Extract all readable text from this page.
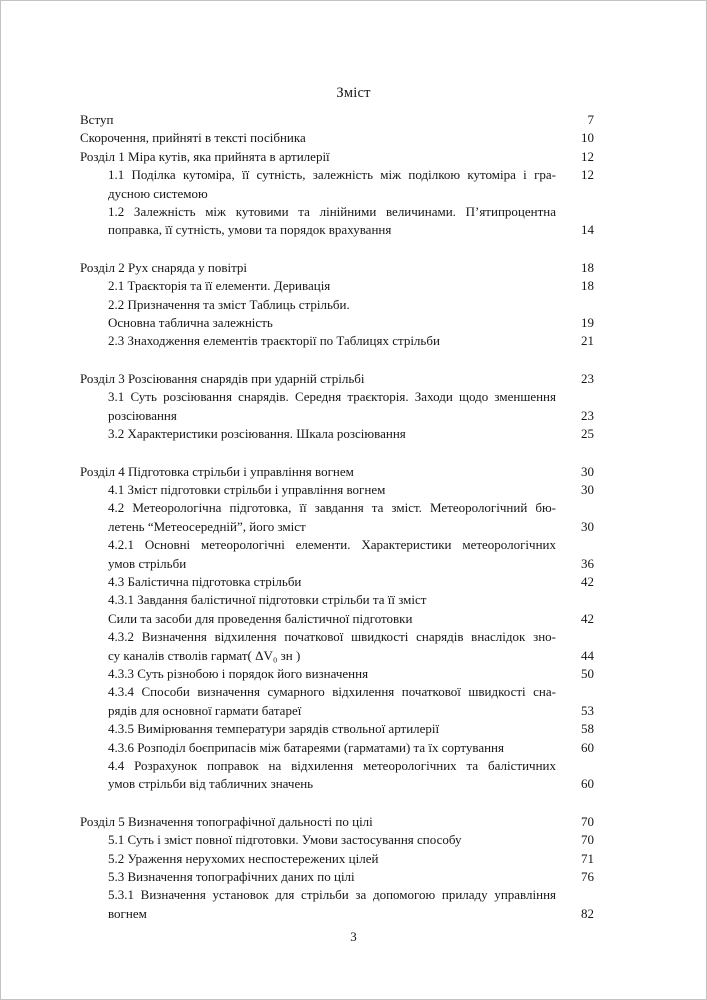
Зміст
Вступ	7
Скорочення, прийняті в тексті посібника	10
Розділ 1 Міра кутів, яка прийнята в артилерії	12
1.1 Поділка кутоміра, її сутність, залежність між поділкою кутоміра і гра-	12
дусною системою
1.2 Залежність між кутовими та лінійними величинами. П’ятипроцентна
поправка, її сутність, умови та порядок врахування	14
Розділ 2 Рух снаряда у повітрі	18
2.1 Траєкторія та її елементи. Деривація	18
2.2 Призначення та зміст Таблиць стрільби.
Основна таблична залежність	19
2.3 Знаходження елементів траєкторії по Таблицях стрільби	21
Розділ 3 Розсіювання снарядів при ударній стрільбі	23
3.1 Суть розсіювання снарядів. Середня траєкторія. Заходи щодо зменшення
розсіювання	23
3.2 Характеристики розсіювання. Шкала розсіювання	25
Розділ 4 Підготовка стрільби і управління вогнем	30
4.1 Зміст підготовки стрільби і управління вогнем	30
4.2 Метеорологічна підготовка, її завдання та зміст. Метеорологічний бю-
летень “Метеосередній”, його зміст	30
4.2.1 Основні метеорологічні елементи. Характеристики метеорологічних
умов стрільби	36
4.3 Балістична підготовка стрільби	42
4.3.1 Завдання балістичної підготовки стрільби та її зміст
Сили та засоби для проведення балістичної підготовки	42
4.3.2 Визначення відхилення початкової швидкості снарядів внаслідок зно-
су каналів стволів гармат( ΔV₀ зн )	44
4.3.3 Суть різнобою і порядок його визначення	50
4.3.4 Способи визначення сумарного відхилення початкової швидкості сна-
рядів для основної гармати батареї	53
4.3.5 Вимірювання температури зарядів ствольної артилерії	58
4.3.6 Розподіл боєприпасів між батареями (гарматами) та їх сортування	60
4.4 Розрахунок поправок на відхилення метеорологічних та балістичних
умов стрільби від табличних значень	60
Розділ 5 Визначення топографічної дальності по цілі	70
5.1 Суть і зміст повної підготовки. Умови застосування способу	70
5.2 Ураження нерухомих неспостережених цілей	71
5.3 Визначення топографічних даних по цілі	76
5.3.1 Визначення установок для стрільби за допомогою приладу управління
вогнем	82
3
